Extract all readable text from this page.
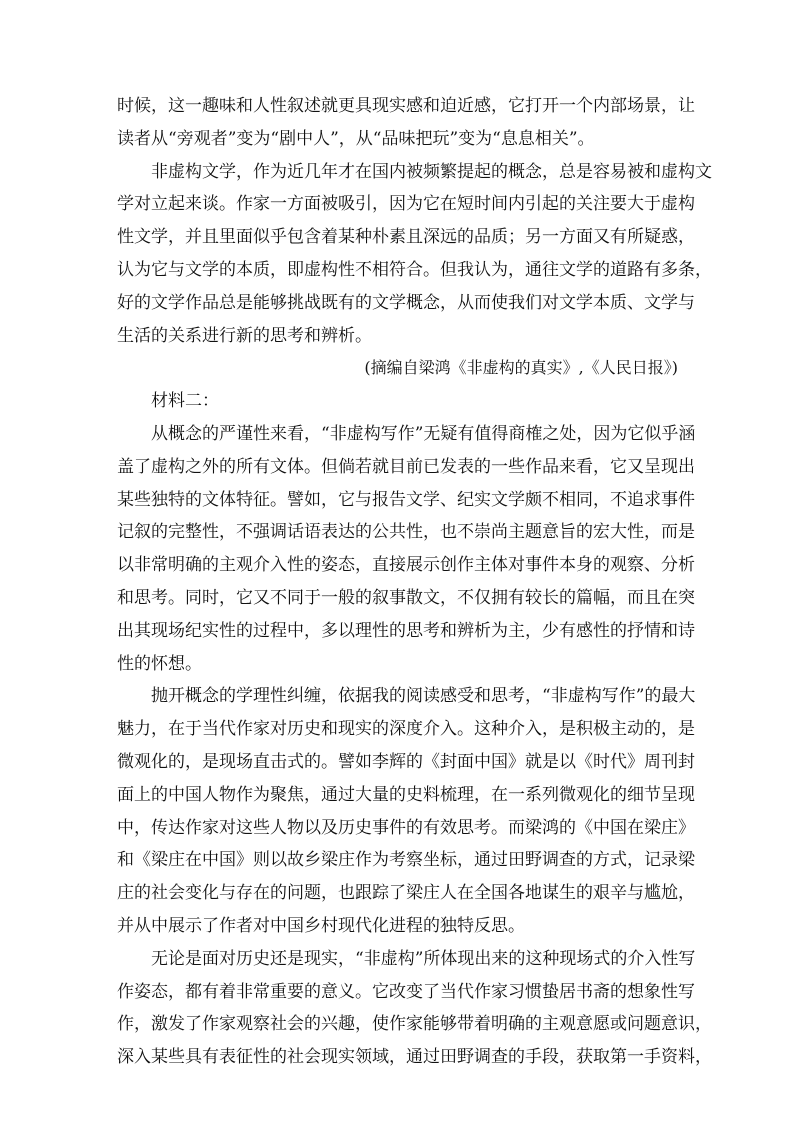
时候，这一趣味和人性叙述就更具现实感和迫近感，它打开一个内部场景，让
读者从“旁观者”变为“剧中人”，从“品味把玩”变为“息息相关”。
非虚构文学，作为近几年才在国内被频繁提起的概念，总是容易被和虚构文
学对立起来谈。作家一方面被吸引，因为它在短时间内引起的关注要大于虚构
性文学，并且里面似乎包含着某种朴素且深远的品质；另一方面又有所疑惑，
认为它与文学的本质，即虚构性不相符合。但我认为，通往文学的道路有多条，
好的文学作品总是能够挑战既有的文学概念，从而使我们对文学本质、文学与
生活的关系进行新的思考和辨析。
(摘编自梁鸿《非虚构的真实》,《人民日报》)
材料二：
从概念的严谨性来看，“非虚构写作”无疑有值得商榷之处，因为它似乎涵
盖了虚构之外的所有文体。但倘若就目前已发表的一些作品来看，它又呈现出
某些独特的文体特征。譬如，它与报告文学、纪实文学颇不相同，不追求事件
记叙的完整性，不强调话语表达的公共性，也不崇尚主题意旨的宏大性，而是
以非常明确的主观介入性的姿态，直接展示创作主体对事件本身的观察、分析
和思考。同时，它又不同于一般的叙事散文，不仅拥有较长的篇幅，而且在突
出其现场纪实性的过程中，多以理性的思考和辨析为主，少有感性的抒情和诗
性的怀想。
抛开概念的学理性纠缠，依据我的阅读感受和思考，“非虚构写作”的最大
魅力，在于当代作家对历史和现实的深度介入。这种介入，是积极主动的，是
微观化的，是现场直击式的。譬如李辉的《封面中国》就是以《时代》周刊封
面上的中国人物作为聚焦，通过大量的史料梳理，在一系列微观化的细节呈现
中，传达作家对这些人物以及历史事件的有效思考。而梁鸿的《中国在梁庄》
和《梁庄在中国》则以故乡梁庄作为考察坐标，通过田野调查的方式，记录梁
庄的社会变化与存在的问题，也跟踪了梁庄人在全国各地谋生的艰辛与尴尬，
并从中展示了作者对中国乡村现代化进程的独特反思。
无论是面对历史还是现实，“非虚构”所体现出来的这种现场式的介入性写
作姿态，都有着非常重要的意义。它改变了当代作家习惯蛰居书斋的想象性写
作，激发了作家观察社会的兴趣，使作家能够带着明确的主观意愿或问题意识，
深入某些具有表征性的社会现实领域，通过田野调查的手段，获取第一手资料，
